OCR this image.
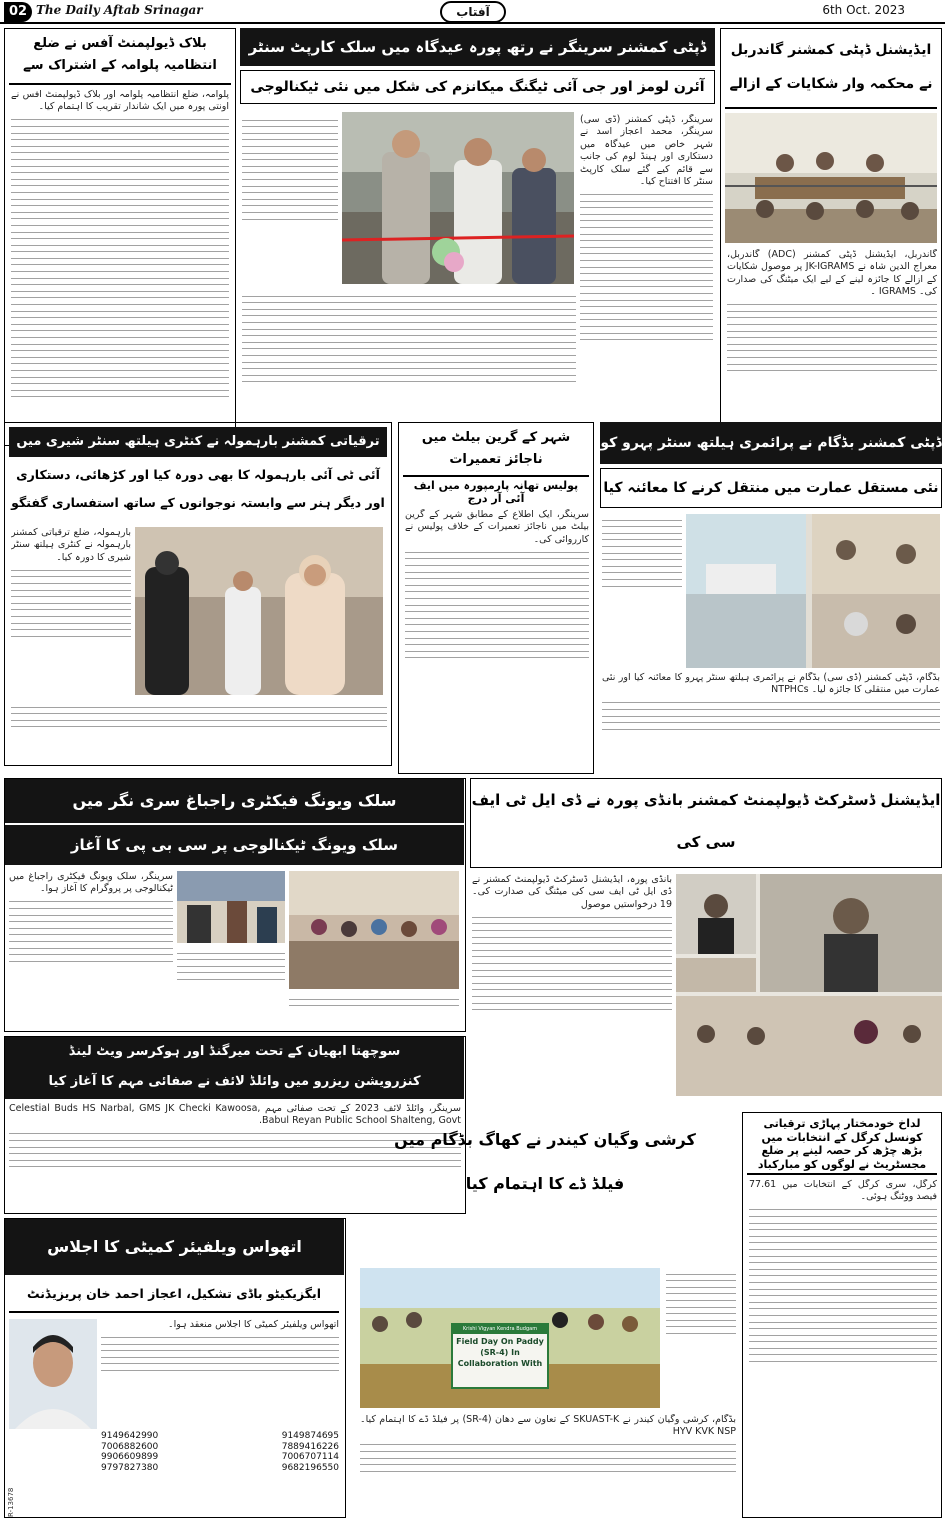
02 The Daily Aftab Srinagar	آفتاب	6th Oct. 2023
بلاک ڈیولپمنٹ آفس نے ضلع انتظامیہ پلوامہ کے اشتراک سے
پلوامہ، ضلع انتظامیہ پلوامہ اور بلاک ڈیولپمنٹ آفس نے اونتی پورہ میں ایک شاندار تقریب کا اہتمام کیا۔
ڈپٹی کمشنر سرینگر نے رتھ پورہ عیدگاہ میں سلک کارپٹ سنٹر
آئرن لومز اور جی آئی ٹیگنگ میکانزم کی شکل میں نئی ٹیکنالوجی
سرینگر، ڈپٹی کمشنر (ڈی سی) سرینگر، محمد اعجاز اسد نے شہر خاص میں عیدگاہ میں دستکاری اور ہینڈ لوم کی جانب سے قائم کیے گئے سلک کارپٹ سنٹر کا افتتاح کیا۔
ایڈیشنل ڈپٹی کمشنر گاندربل نے محکمہ وار شکایات کے ازالے
گاندربل، ایڈیشنل ڈپٹی کمشنر (ADC) گاندربل، معراج الدین شاہ نے JK-IGRAMS پر موصول شکایات کے ازالے کا جائزہ لینے کے لیے ایک میٹنگ کی صدارت کی۔ IGRAMS ۔
ترقیاتی کمشنر بارہمولہ نے کنٹری ہیلتھ سنٹر شیری میں
آئی ٹی آئی بارہمولہ کا بھی دورہ کیا اور کڑھائی، دستکاری اور دیگر ہنر سے وابستہ نوجوانوں کے ساتھ استفساری گفتگو
بارہمولہ، ضلع ترقیاتی کمشنر بارہمولہ نے کنٹری ہیلتھ سنٹر شیری کا دورہ کیا۔
شہر کے گرین بیلٹ میں ناجائز تعمیرات
پولیس تھانہ پارمپورہ میں ایف آئی آر درج
سرینگر، ایک اطلاع کے مطابق شہر کے گرین بیلٹ میں ناجائز تعمیرات کے خلاف پولیس نے کارروائی کی۔
ڈپٹی کمشنر بڈگام نے پرائمری ہیلتھ سنٹر پہرو کو
نئی مستقل عمارت میں منتقل کرنے کا معائنہ کیا
بڈگام، ڈپٹی کمشنر (ڈی سی) بڈگام نے پرائمری ہیلتھ سنٹر پہرو کا معائنہ کیا اور نئی عمارت میں منتقلی کا جائزہ لیا۔ NTPHCs
سلک ویونگ فیکٹری راجباغ سری نگر میں
سلک ویونگ ٹیکنالوجی پر سی بی پی کا آغاز
سرینگر، سلک ویونگ فیکٹری راجباغ میں ٹیکنالوجی پر پروگرام کا آغاز ہوا۔
ایڈیشنل ڈسٹرکٹ ڈیولپمنٹ کمشنر بانڈی پورہ نے ڈی ایل ٹی ایف سی کی
بانڈی پورہ، ایڈیشنل ڈسٹرکٹ ڈیولپمنٹ کمشنر نے ڈی ایل ٹی ایف سی کی میٹنگ کی صدارت کی۔ 19 درخواستیں موصول
سوچھتا ابھیان کے تحت میرگنڈ اور ہوکرسر ویٹ لینڈ
کنزرویشن ریزرو میں وائلڈ لائف نے صفائی مہم کا آغاز کیا
سرینگر، وائلڈ لائف 2023 کے تحت صفائی مہم Celestial Buds HS Narbal, GMS JK Checki Kawoosa, Babul Reyan Public School Shalteng, Govt.
اتھواس ویلفیئر کمیٹی کا اجلاس
ایگزیکیٹو باڈی تشکیل، اعجاز احمد خان پریزیڈنٹ
R-13678
اتھواس ویلفیئر کمیٹی کا اجلاس منعقد ہوا۔
9149642990
7006882600
9906609899
9797827380
9149874695
7889416226
7006707114
9682196550
کرشی وگیان کیندر نے کھاگ بڈگام میں
فیلڈ ڈے کا اہتمام کیا
Krishi Vigyan Kendra Budgam
Field Day On Paddy (SR-4) In Collaboration With
بڈگام، کرشی وگیان کیندر نے SKUAST-K کے تعاون سے دھان (SR-4) پر فیلڈ ڈے کا اہتمام کیا۔ HYV KVK NSP
لداخ خودمختار پہاڑی ترقیاتی کونسل کرگل کے انتخابات میں
بڑھ چڑھ کر حصہ لینے پر ضلع مجسٹریٹ نے لوگوں کو مبارکباد
کرگل، سری کرگل کے انتخابات میں 77.61 فیصد ووٹنگ ہوئی۔
